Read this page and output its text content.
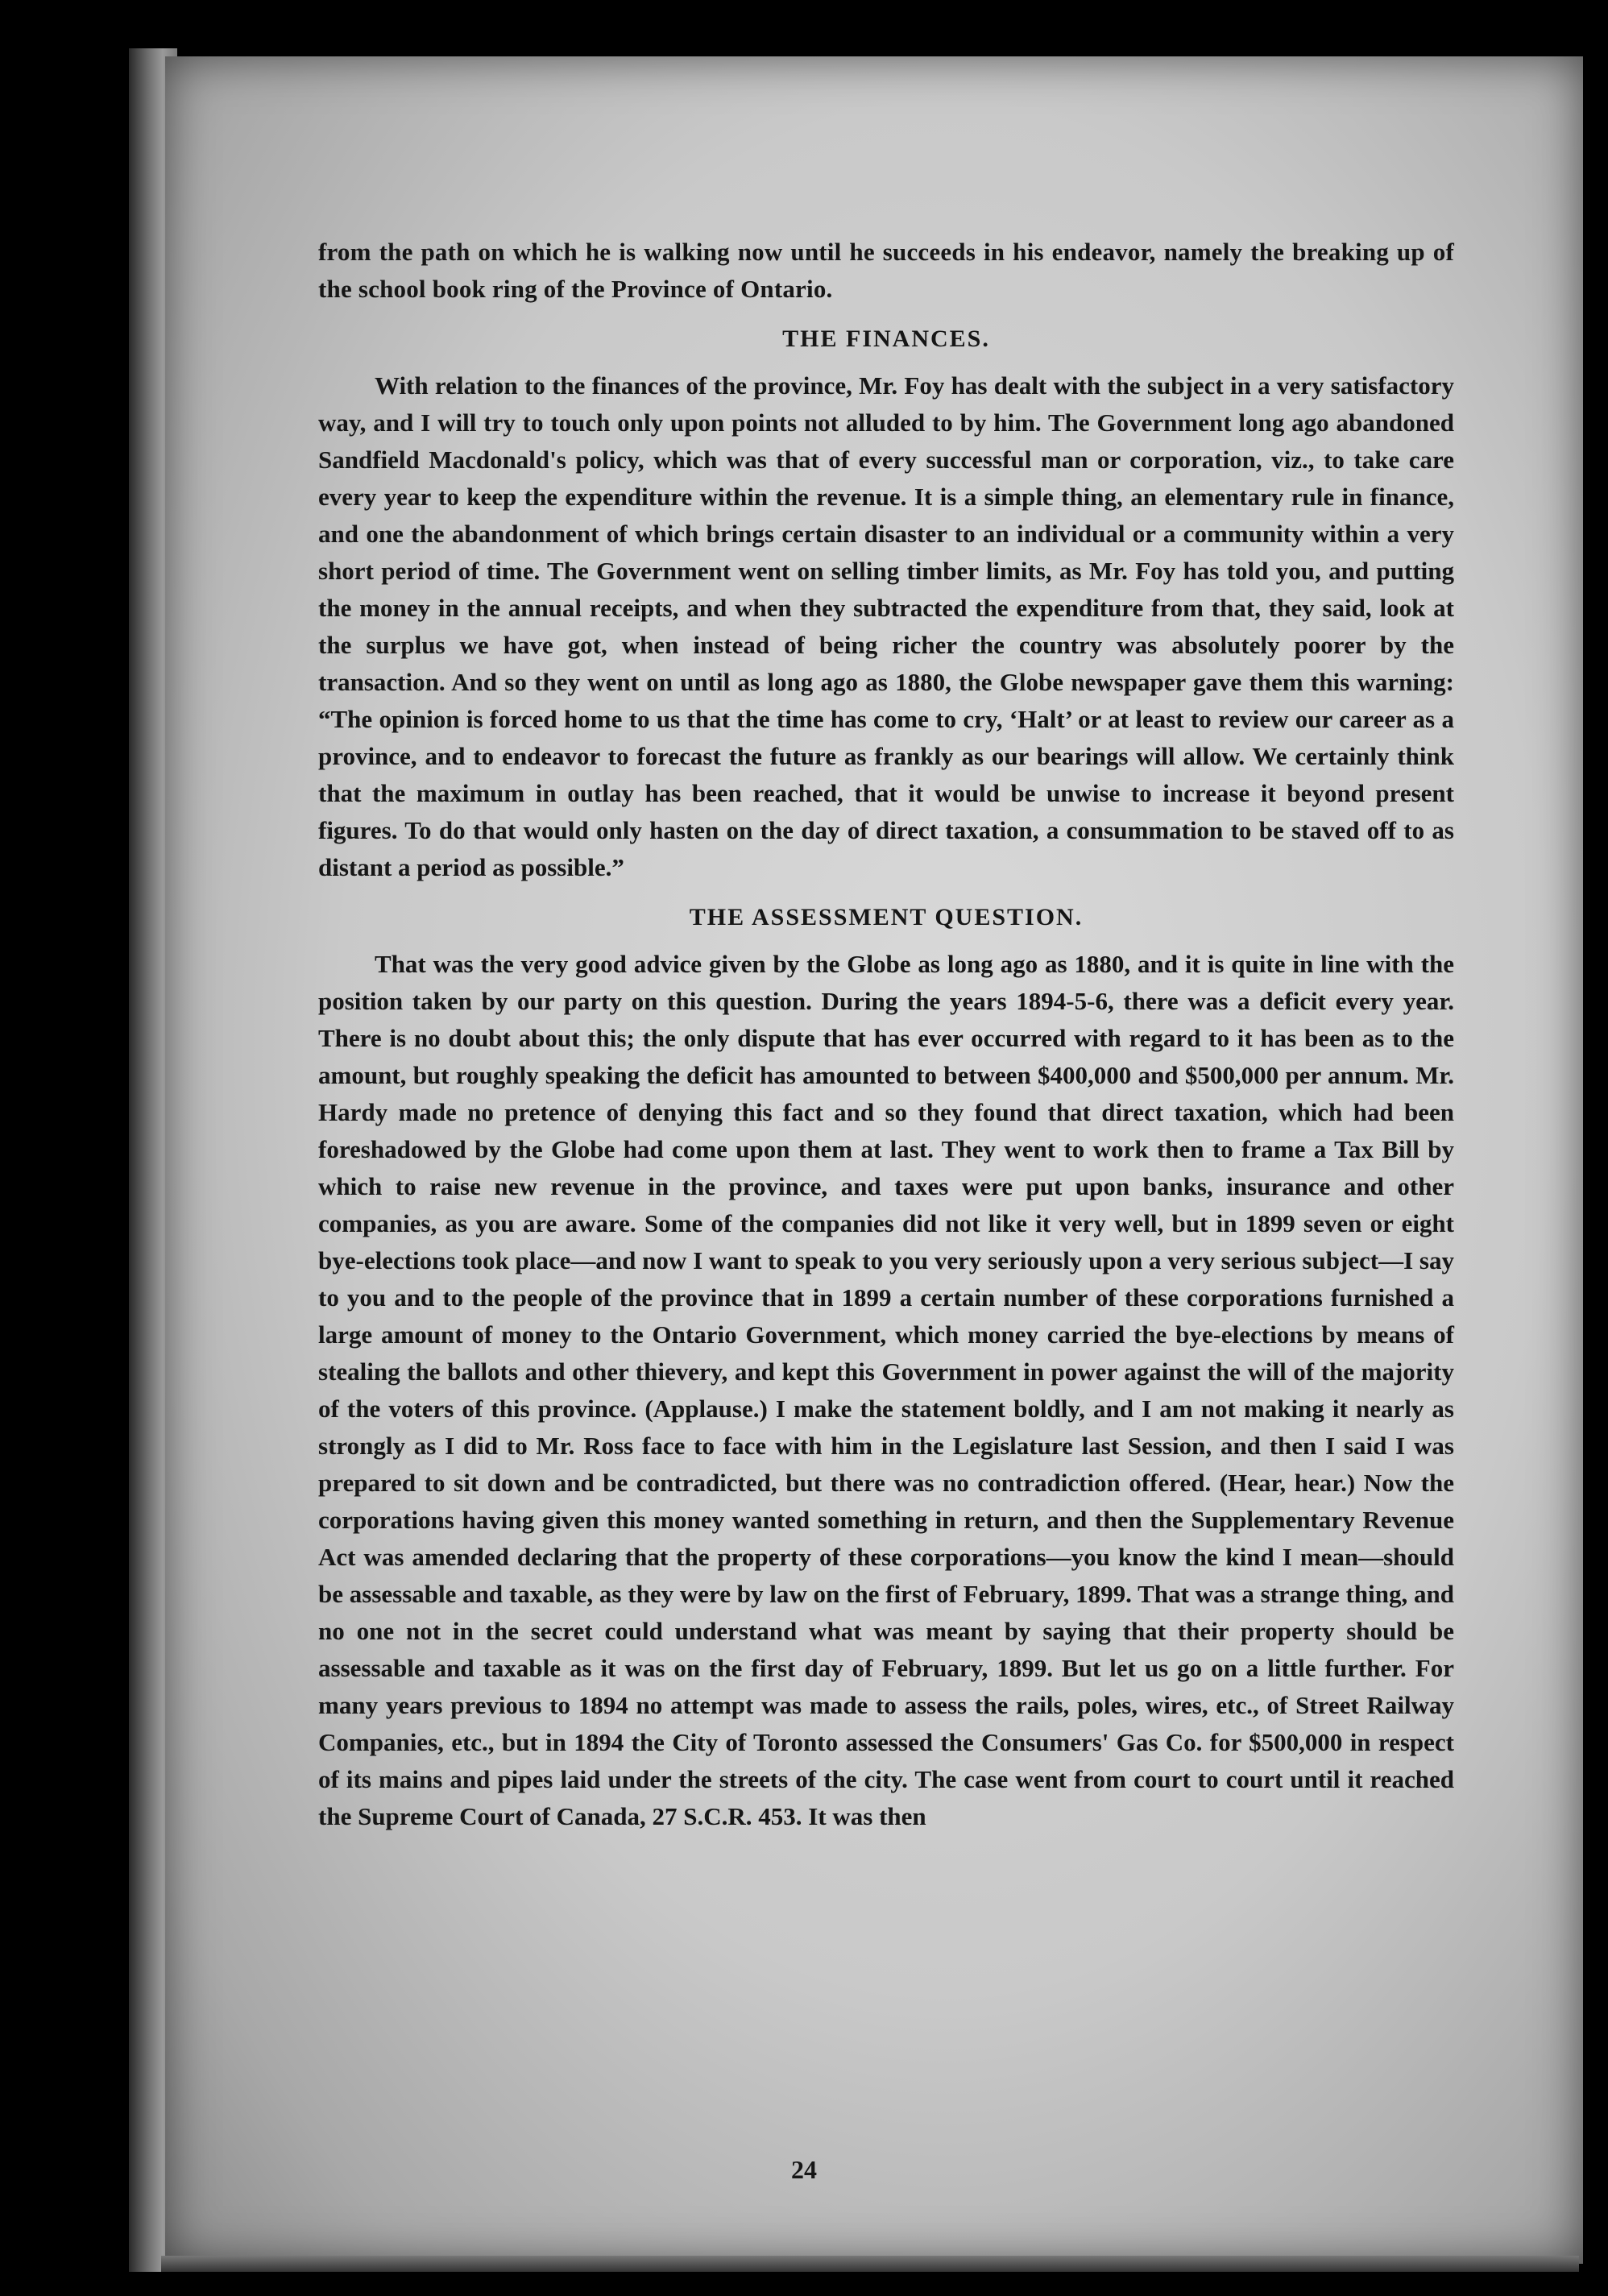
from the path on which he is walking now until he succeeds in his endeavor, namely the breaking up of the school book ring of the Province of Ontario.

THE FINANCES.

With relation to the finances of the province, Mr. Foy has dealt with the subject in a very satisfactory way, and I will try to touch only upon points not alluded to by him. The Government long ago abandoned Sandfield Macdonald's policy, which was that of every successful man or corporation, viz., to take care every year to keep the expenditure within the revenue. It is a simple thing, an elementary rule in finance, and one the abandonment of which brings certain disaster to an individual or a community within a very short period of time. The Government went on selling timber limits, as Mr. Foy has told you, and putting the money in the annual receipts, and when they subtracted the expenditure from that, they said, look at the surplus we have got, when instead of being richer the country was absolutely poorer by the transaction. And so they went on until as long ago as 1880, the Globe newspaper gave them this warning: “The opinion is forced home to us that the time has come to cry, ‘Halt’ or at least to review our career as a province, and to endeavor to forecast the future as frankly as our bearings will allow. We certainly think that the maximum in outlay has been reached, that it would be unwise to increase it beyond present figures. To do that would only hasten on the day of direct taxation, a consummation to be staved off to as distant a period as possible.”

THE ASSESSMENT QUESTION.

That was the very good advice given by the Globe as long ago as 1880, and it is quite in line with the position taken by our party on this question. During the years 1894-5-6, there was a deficit every year. There is no doubt about this; the only dispute that has ever occurred with regard to it has been as to the amount, but roughly speaking the deficit has amounted to between $400,000 and $500,000 per annum. Mr. Hardy made no pretence of denying this fact and so they found that direct taxation, which had been foreshadowed by the Globe had come upon them at last. They went to work then to frame a Tax Bill by which to raise new revenue in the province, and taxes were put upon banks, insurance and other companies, as you are aware. Some of the companies did not like it very well, but in 1899 seven or eight bye-elections took place—and now I want to speak to you very seriously upon a very serious subject—I say to you and to the people of the province that in 1899 a certain number of these corporations furnished a large amount of money to the Ontario Government, which money carried the bye-elections by means of stealing the ballots and other thievery, and kept this Government in power against the will of the majority of the voters of this province. (Applause.) I make the statement boldly, and I am not making it nearly as strongly as I did to Mr. Ross face to face with him in the Legislature last Session, and then I said I was prepared to sit down and be contradicted, but there was no contradiction offered. (Hear, hear.) Now the corporations having given this money wanted something in return, and then the Supplementary Revenue Act was amended declaring that the property of these corporations—you know the kind I mean—should be assessable and taxable, as they were by law on the first of February, 1899. That was a strange thing, and no one not in the secret could understand what was meant by saying that their property should be assessable and taxable as it was on the first day of February, 1899. But let us go on a little further. For many years previous to 1894 no attempt was made to assess the rails, poles, wires, etc., of Street Railway Companies, etc., but in 1894 the City of Toronto assessed the Consumers' Gas Co. for $500,000 in respect of its mains and pipes laid under the streets of the city. The case went from court to court until it reached the Supreme Court of Canada, 27 S.C.R. 453. It was then

24
